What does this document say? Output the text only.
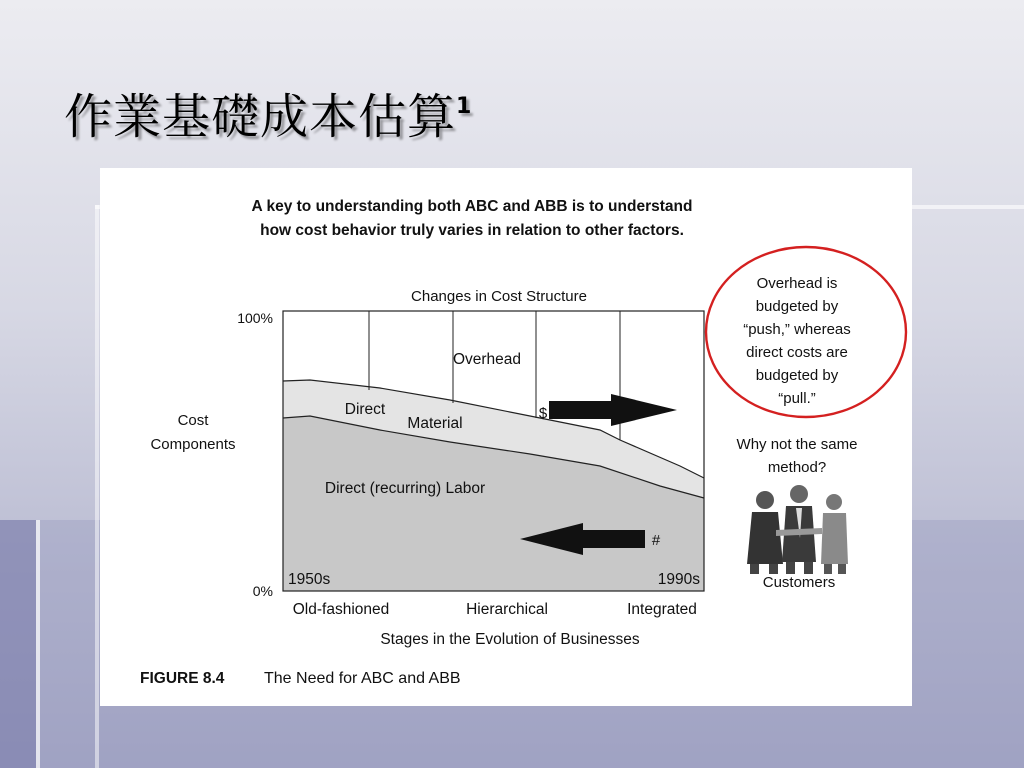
作業基礎成本估算$^1$
A key to understanding both ABC and ABB is to understand
how cost behavior truly varies in relation to other factors.
Changes in Cost Structure
100%
0%
Cost
Components
Overhead
Direct
Material
Direct (recurring) Labor
$
#
1950s	1990s
Old-fashioned	Hierarchical	Integrated
Stages in the Evolution of Businesses
Overhead is
budgeted by
“push,” whereas
direct costs are
budgeted by
“pull.”
Why not the same
method?
Customers
FIGURE 8.4 The Need for ABC and ABB
